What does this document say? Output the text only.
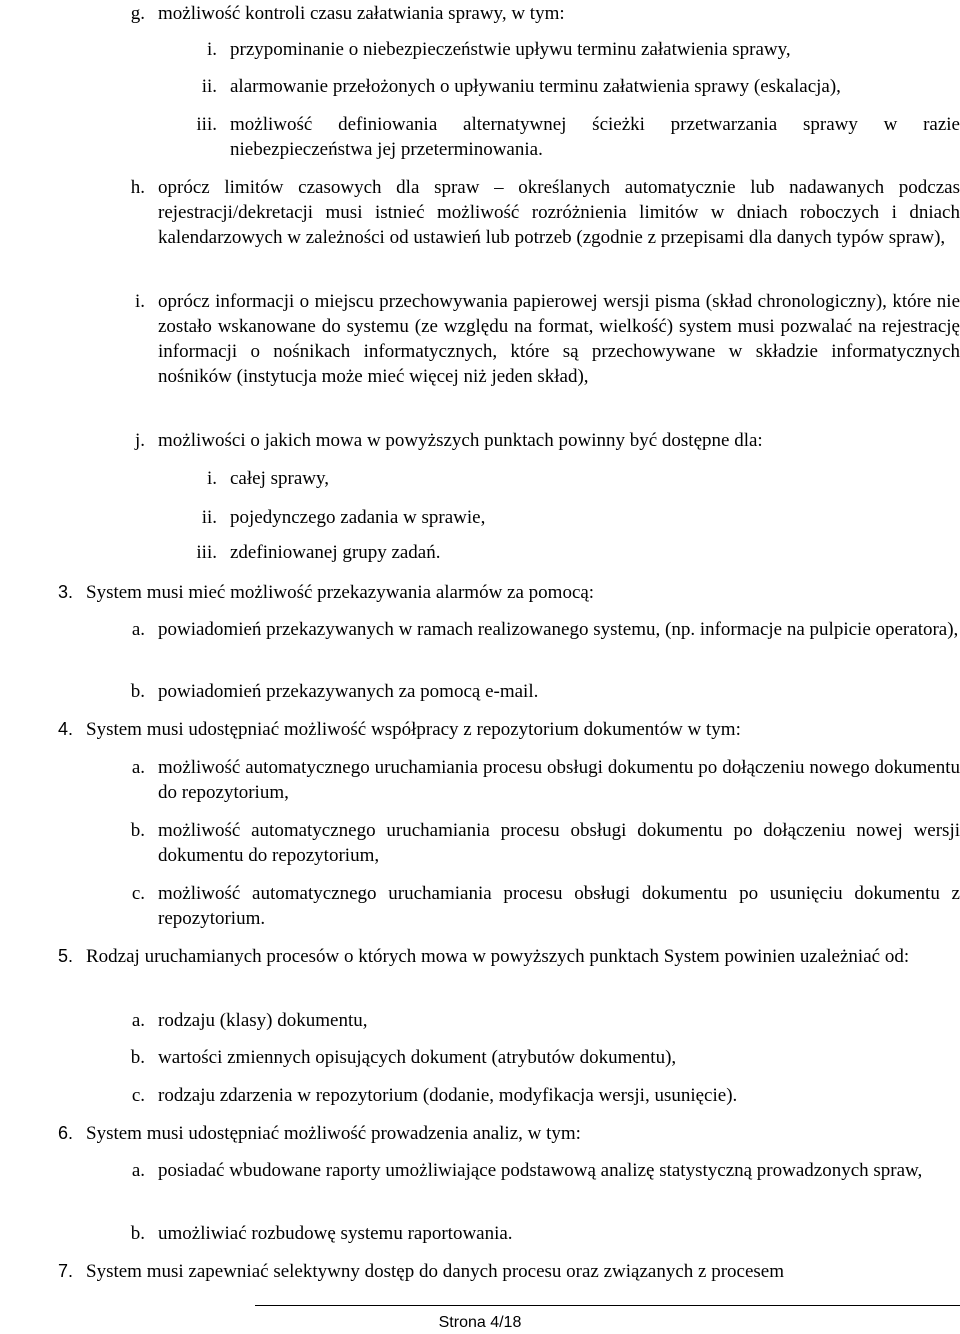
g. możliwość kontroli czasu załatwiania sprawy, w tym:
i. przypominanie o niebezpieczeństwie upływu terminu załatwienia sprawy,
ii. alarmowanie przełożonych o upływaniu terminu załatwienia sprawy (eskalacja),
iii. możliwość definiowania alternatywnej ścieżki przetwarzania sprawy w razie niebezpieczeństwa jej przeterminowania.
h. oprócz limitów czasowych dla spraw – określanych automatycznie lub nadawanych podczas rejestracji/dekretacji musi istnieć możliwość rozróżnienia limitów w dniach roboczych i dniach kalendarzowych w zależności od ustawień lub potrzeb (zgodnie z przepisami dla danych typów spraw),
i. oprócz informacji o miejscu przechowywania papierowej wersji pisma (skład chronologiczny), które nie zostało wskanowane do systemu (ze względu na format, wielkość) system musi pozwalać na rejestrację informacji o nośnikach informatycznych, które są przechowywane w składzie informatycznych nośników (instytucja może mieć więcej niż jeden skład),
j. możliwości o jakich mowa w powyższych punktach powinny być dostępne dla:
i. całej sprawy,
ii. pojedynczego zadania w sprawie,
iii. zdefiniowanej grupy zadań.
3. System musi mieć możliwość przekazywania alarmów za pomocą:
a. powiadomień przekazywanych w ramach realizowanego systemu, (np. informacje na pulpicie operatora),
b. powiadomień przekazywanych za pomocą e-mail.
4. System musi udostępniać możliwość współpracy z repozytorium dokumentów w tym:
a. możliwość automatycznego uruchamiania procesu obsługi dokumentu po dołączeniu nowego dokumentu do repozytorium,
b. możliwość automatycznego uruchamiania procesu obsługi dokumentu po dołączeniu nowej wersji dokumentu do repozytorium,
c. możliwość automatycznego uruchamiania procesu obsługi dokumentu po usunięciu dokumentu z repozytorium.
5. Rodzaj uruchamianych procesów o których mowa w powyższych punktach System powinien uzależniać od:
a. rodzaju (klasy) dokumentu,
b. wartości zmiennych opisujących dokument (atrybutów dokumentu),
c. rodzaju zdarzenia w repozytorium (dodanie, modyfikacja wersji, usunięcie).
6. System musi udostępniać możliwość prowadzenia analiz, w tym:
a. posiadać wbudowane raporty umożliwiające podstawową analizę statystyczną prowadzonych spraw,
b. umożliwiać rozbudowę systemu raportowania.
7. System musi zapewniać selektywny dostęp do danych procesu oraz związanych z procesem
Strona 4/18
